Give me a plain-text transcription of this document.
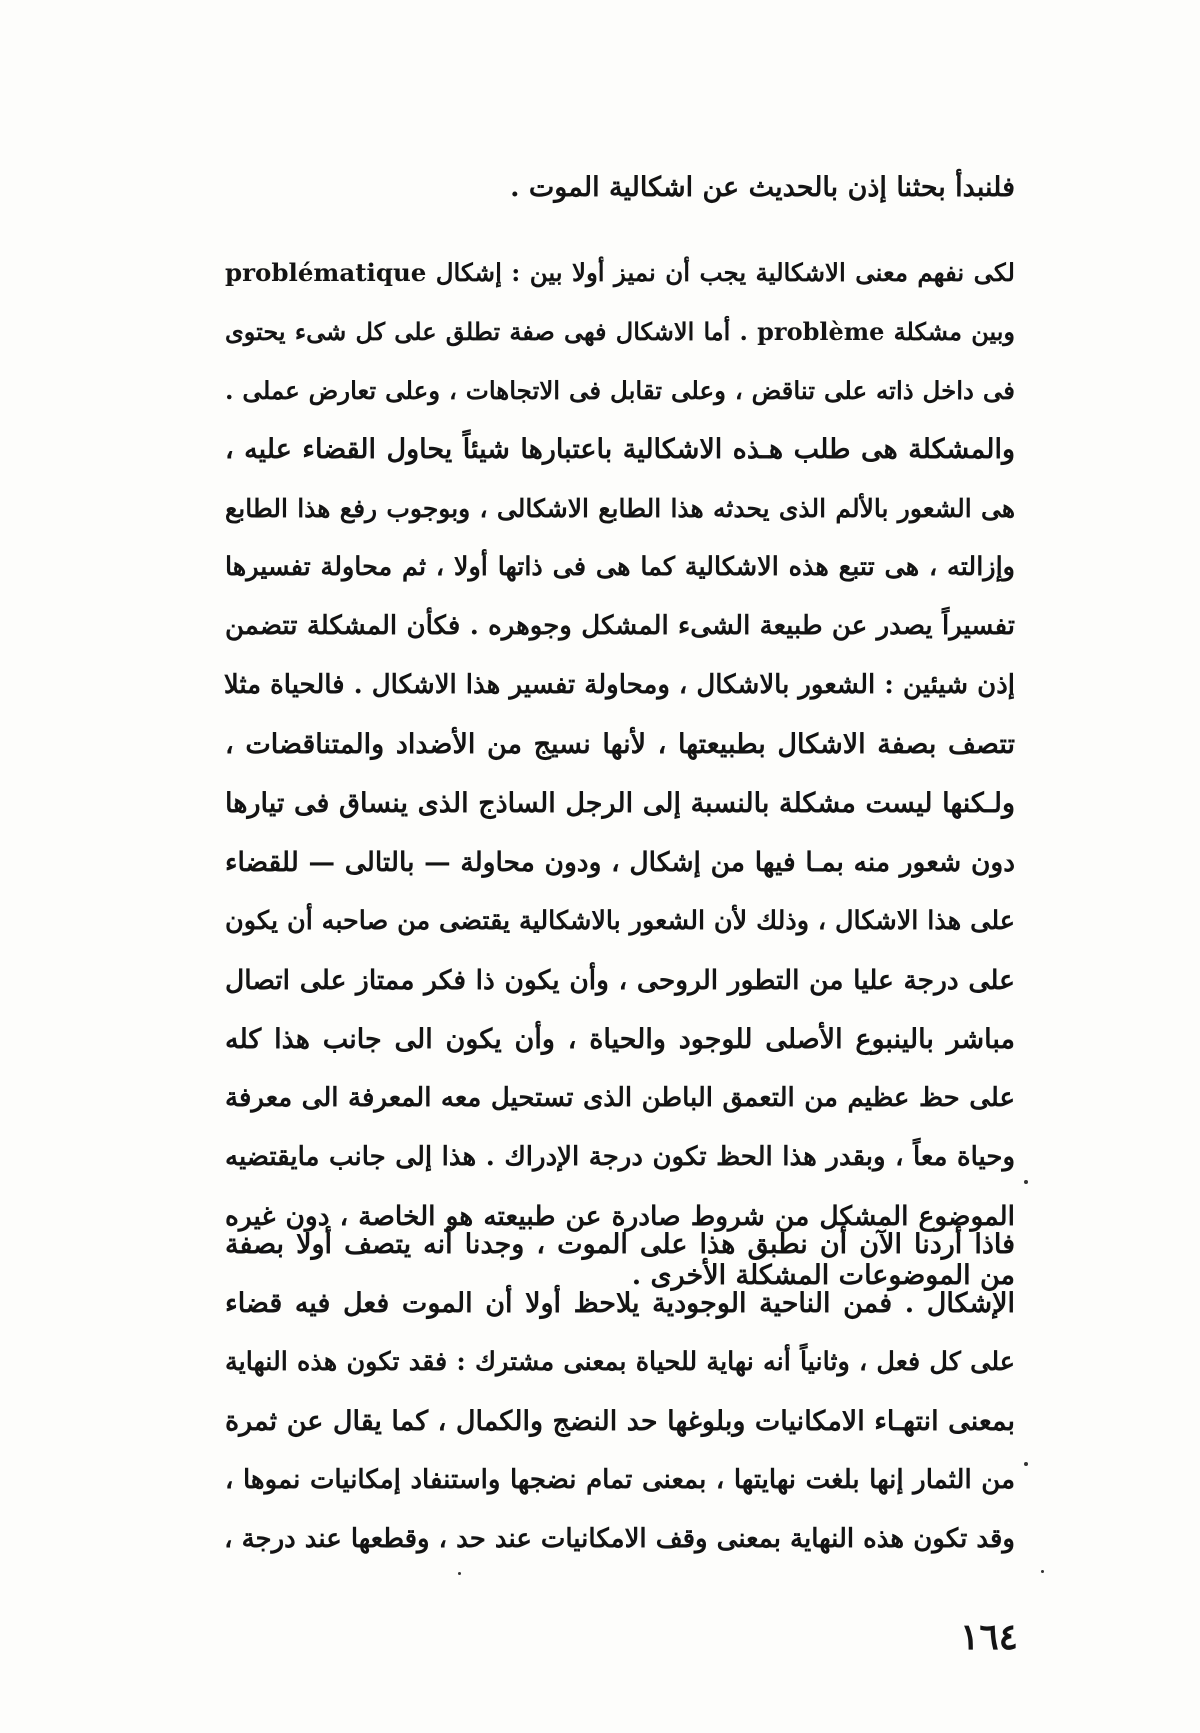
فلنبدأ بحثنا إذن بالحديث عن اشكالية الموت .
لكى نفهم معنى الاشكالية يجب أن نميز أولا بين : إشكال problématique
وبين مشكلة problème . أما الاشكال فهى صفة تطلق على كل شىء يحتوى
فى داخل ذاته على تناقض ، وعلى تقابل فى الاتجاهات ، وعلى تعارض عملى .
والمشكلة هى طلب هـذه الاشكالية باعتبارها شيئاً يحاول القضاء عليه ،
هى الشعور بالألم الذى يحدثه هذا الطابع الاشكالى ، وبوجوب رفع هذا الطابع
وإزالته ، هى تتبع هذه الاشكالية كما هى فى ذاتها أولا ، ثم محاولة تفسيرها
تفسيراً يصدر عن طبيعة الشىء المشكل وجوهره . فكأن المشكلة تتضمن
إذن شيئين : الشعور بالاشكال ، ومحاولة تفسير هذا الاشكال . فالحياة مثلا
تتصف بصفة الاشكال بطبيعتها ، لأنها نسيج من الأضداد والمتناقضات ،
ولـكنها ليست مشكلة بالنسبة إلى الرجل الساذج الذى ينساق فى تيارها
دون شعور منه بمـا فيها من إشكال ، ودون محاولة — بالتالى — للقضاء
على هذا الاشكال ، وذلك لأن الشعور بالاشكالية يقتضى من صاحبه أن يكون
على درجة عليا من التطور الروحى ، وأن يكون ذا فكر ممتاز على اتصال
مباشر بالينبوع الأصلى للوجود والحياة ، وأن يكون الى جانب هذا كله
على حظ عظيم من التعمق الباطن الذى تستحيل معه المعرفة الى معرفة
وحياة معاً ، وبقدر هذا الحظ تكون درجة الإدراك . هذا إلى جانب مايقتضيه
الموضوع المشكل من شروط صادرة عن طبيعته هو الخاصة ، دون غيره
من الموضوعات المشكلة الأخرى .
فاذا أردنا الآن أن نطبق هذا على الموت ، وجدنا أنه يتصف أولا بصفة
الإشكال . فمن الناحية الوجودية يلاحظ أولا أن الموت فعل فيه قضاء
على كل فعل ، وثانياً أنه نهاية للحياة بمعنى مشترك : فقد تكون هذه النهاية
بمعنى انتهـاء الامكانيات وبلوغها حد النضج والكمال ، كما يقال عن ثمرة
من الثمار إنها بلغت نهايتها ، بمعنى تمام نضجها واستنفاد إمكانيات نموها ،
وقد تكون هذه النهاية بمعنى وقف الامكانيات عند حد ، وقطعها عند درجة ،
١٦٤
